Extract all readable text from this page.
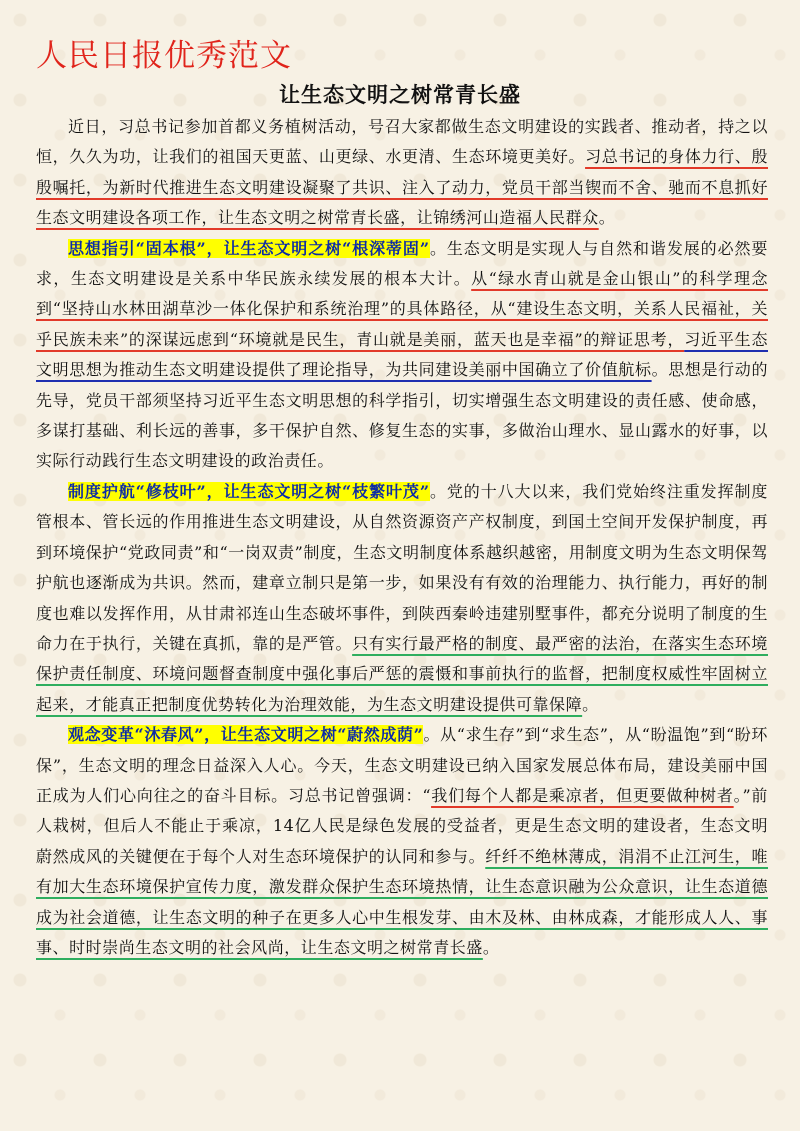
人民日报优秀范文
让生态文明之树常青长盛

近日，习总书记参加首都义务植树活动，号召大家都做生态文明建设的实践者、推动者，持之以恒，久久为功，让我们的祖国天更蓝、山更绿、水更清、生态环境更美好。习总书记的身体力行、殷殷嘱托，为新时代推进生态文明建设凝聚了共识、注入了动力，党员干部当锲而不舍、驰而不息抓好生态文明建设各项工作，让生态文明之树常青长盛，让锦绣河山造福人民群众。

思想指引“固本根”，让生态文明之树“根深蒂固”。生态文明是实现人与自然和谐发展的必然要求，生态文明建设是关系中华民族永续发展的根本大计。从“绿水青山就是金山银山”的科学理念到“坚持山水林田湖草沙一体化保护和系统治理”的具体路径，从“建设生态文明，关系人民福祉，关乎民族未来”的深谋远虑到“环境就是民生，青山就是美丽，蓝天也是幸福”的辩证思考，习近平生态文明思想为推动生态文明建设提供了理论指导，为共同建设美丽中国确立了价值航标。思想是行动的先导，党员干部须坚持习近平生态文明思想的科学指引，切实增强生态文明建设的责任感、使命感，多谋打基础、利长远的善事，多干保护自然、修复生态的实事，多做治山理水、显山露水的好事，以实际行动践行生态文明建设的政治责任。

制度护航“修枝叶”，让生态文明之树“枝繁叶茂”。党的十八大以来，我们党始终注重发挥制度管根本、管长远的作用推进生态文明建设，从自然资源资产产权制度，到国土空间开发保护制度，再到环境保护“党政同责”和“一岗双责”制度，生态文明制度体系越织越密，用制度文明为生态文明保驾护航也逐渐成为共识。然而，建章立制只是第一步，如果没有有效的治理能力、执行能力，再好的制度也难以发挥作用，从甘肃祁连山生态破坏事件，到陕西秦岭违建别墅事件，都充分说明了制度的生命力在于执行，关键在真抓，靠的是严管。只有实行最严格的制度、最严密的法治，在落实生态环境保护责任制度、环境问题督查制度中强化事后严惩的震慑和事前执行的监督，把制度权威性牢固树立起来，才能真正把制度优势转化为治理效能，为生态文明建设提供可靠保障。

观念变革“沐春风”，让生态文明之树“蔚然成荫”。从“求生存”到“求生态”，从“盼温饱”到“盼环保”，生态文明的理念日益深入人心。今天，生态文明建设已纳入国家发展总体布局，建设美丽中国正成为人们心向往之的奋斗目标。习总书记曾强调：“我们每个人都是乘凉者，但更要做种树者。”前人栽树，但后人不能止于乘凉，14亿人民是绿色发展的受益者，更是生态文明的建设者，生态文明蔚然成风的关键便在于每个人对生态环境保护的认同和参与。纤纤不绝林薄成，涓涓不止江河生，唯有加大生态环境保护宣传力度，激发群众保护生态环境热情，让生态意识融为公众意识，让生态道德成为社会道德，让生态文明的种子在更多人心中生根发芽、由木及林、由林成森，才能形成人人、事事、时时崇尚生态文明的社会风尚，让生态文明之树常青长盛。
